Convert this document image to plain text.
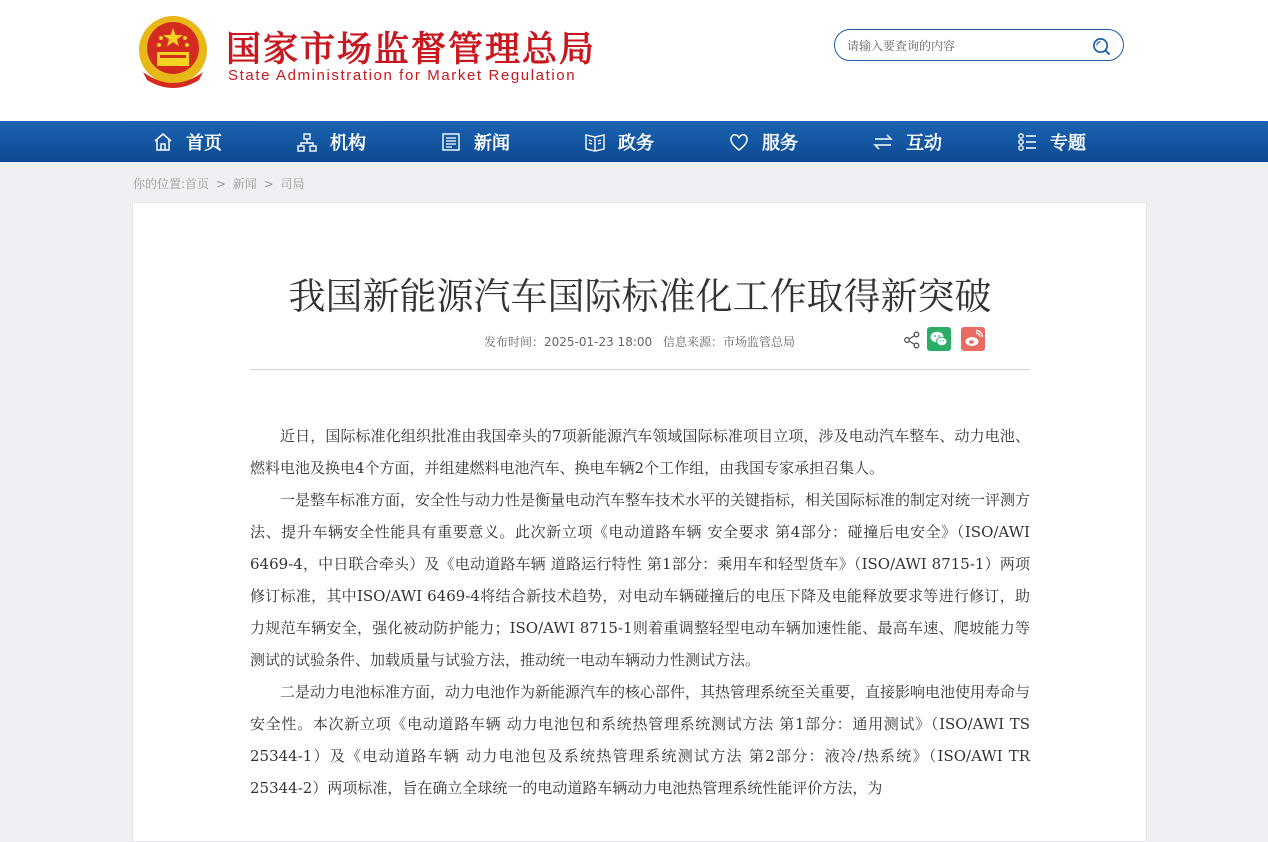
国家市场监督管理总局
State Administration for Market Regulation
请输入要查询的内容
首页	机构	新闻	政务	服务	互动	专题
你的位置:首页 > 新闻 > 司局
我国新能源汽车国际标准化工作取得新突破
发布时间：2025-01-23 18:00 信息来源：市场监管总局

近日，国际标准化组织批准由我国牵头的7项新能源汽车领域国际标准项目立项，涉及电动汽车整车、动力电池、燃料电池及换电4个方面，并组建燃料电池汽车、换电车辆2个工作组，由我国专家承担召集人。

一是整车标准方面，安全性与动力性是衡量电动汽车整车技术水平的关键指标，相关国际标准的制定对统一评测方法、提升车辆安全性能具有重要意义。此次新立项《电动道路车辆 安全要求 第4部分：碰撞后电安全》（ISO/AWI 6469-4，中日联合牵头）及《电动道路车辆 道路运行特性 第1部分：乘用车和轻型货车》（ISO/AWI 8715-1）两项修订标准，其中ISO/AWI 6469-4将结合新技术趋势，对电动车辆碰撞后的电压下降及电能释放要求等进行修订，助力规范车辆安全，强化被动防护能力；ISO/AWI 8715-1则着重调整轻型电动车辆加速性能、最高车速、爬坡能力等测试的试验条件、加载质量与试验方法，推动统一电动车辆动力性测试方法。

二是动力电池标准方面，动力电池作为新能源汽车的核心部件，其热管理系统至关重要，直接影响电池使用寿命与安全性。本次新立项《电动道路车辆 动力电池包和系统热管理系统测试方法 第1部分：通用测试》（ISO/AWI TS 25344-1）及《电动道路车辆 动力电池包及系统热管理系统测试方法 第2部分：液冷/热系统》（ISO/AWI TR 25344-2）两项标准，旨在确立全球统一的电动道路车辆动力电池热管理系统性能评价方法，为
